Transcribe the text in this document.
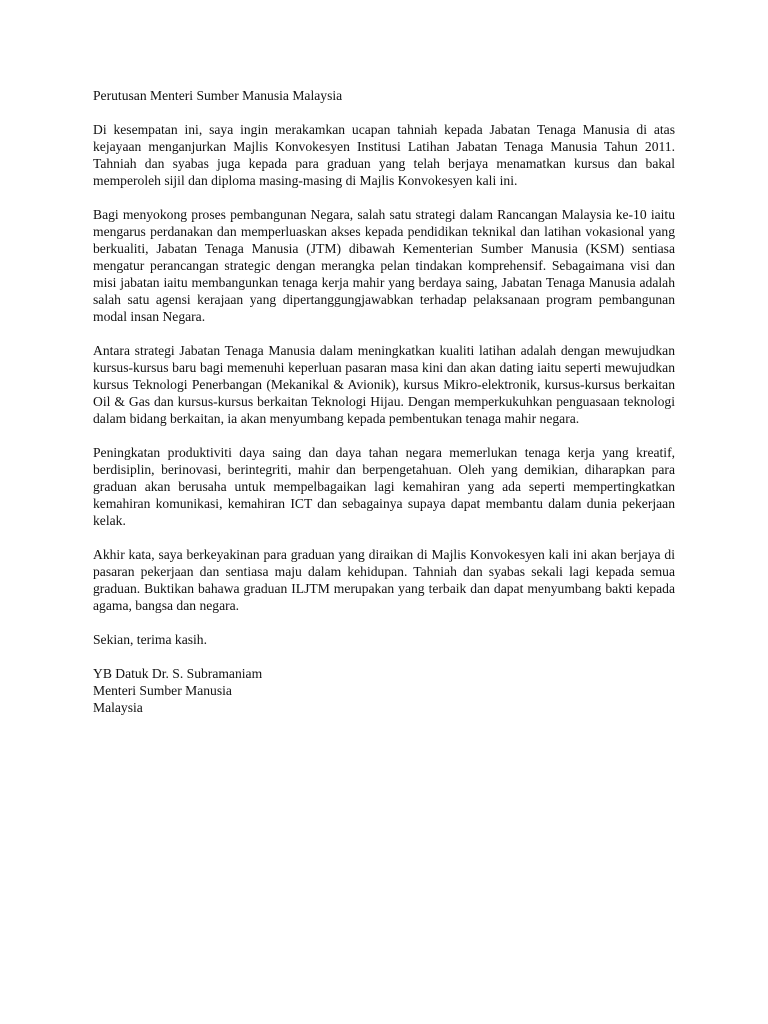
Perutusan Menteri Sumber Manusia Malaysia
Di kesempatan ini, saya ingin merakamkan ucapan tahniah kepada Jabatan Tenaga Manusia di atas kejayaan menganjurkan Majlis Konvokesyen Institusi Latihan Jabatan Tenaga Manusia Tahun 2011. Tahniah dan syabas juga kepada para graduan yang telah berjaya menamatkan kursus dan bakal memperoleh sijil dan diploma masing-masing di Majlis Konvokesyen kali ini.
Bagi menyokong proses pembangunan Negara, salah satu strategi dalam Rancangan Malaysia ke-10 iaitu mengarus perdanakan dan memperluaskan akses kepada pendidikan teknikal dan latihan vokasional yang berkualiti, Jabatan Tenaga Manusia (JTM) dibawah Kementerian Sumber Manusia (KSM) sentiasa mengatur perancangan strategic dengan merangka pelan tindakan komprehensif. Sebagaimana visi dan misi jabatan iaitu membangunkan tenaga kerja mahir yang berdaya saing, Jabatan Tenaga Manusia adalah salah satu agensi kerajaan yang dipertanggungjawabkan terhadap pelaksanaan program pembangunan modal insan Negara.
Antara strategi Jabatan Tenaga Manusia dalam meningkatkan kualiti latihan adalah dengan mewujudkan kursus-kursus baru bagi memenuhi keperluan pasaran masa kini dan akan dating iaitu seperti mewujudkan kursus Teknologi Penerbangan (Mekanikal & Avionik), kursus Mikro-elektronik, kursus-kursus berkaitan Oil & Gas dan kursus-kursus berkaitan Teknologi Hijau. Dengan memperkukuhkan penguasaan teknologi dalam bidang berkaitan, ia akan menyumbang kepada pembentukan tenaga mahir negara.
Peningkatan produktiviti daya saing dan daya tahan negara memerlukan tenaga kerja yang kreatif, berdisiplin, berinovasi, berintegriti, mahir dan berpengetahuan. Oleh yang demikian, diharapkan para graduan akan berusaha untuk mempelbagaikan lagi kemahiran yang ada seperti mempertingkatkan kemahiran komunikasi, kemahiran ICT dan sebagainya supaya dapat membantu dalam dunia pekerjaan kelak.
Akhir kata, saya berkeyakinan para graduan yang diraikan di Majlis Konvokesyen kali ini akan berjaya di pasaran pekerjaan dan sentiasa maju dalam kehidupan. Tahniah dan syabas sekali lagi kepada semua graduan. Buktikan bahawa graduan ILJTM merupakan yang terbaik dan dapat menyumbang bakti kepada agama, bangsa dan negara.
Sekian, terima kasih.
YB Datuk Dr. S. Subramaniam
Menteri Sumber Manusia
Malaysia
